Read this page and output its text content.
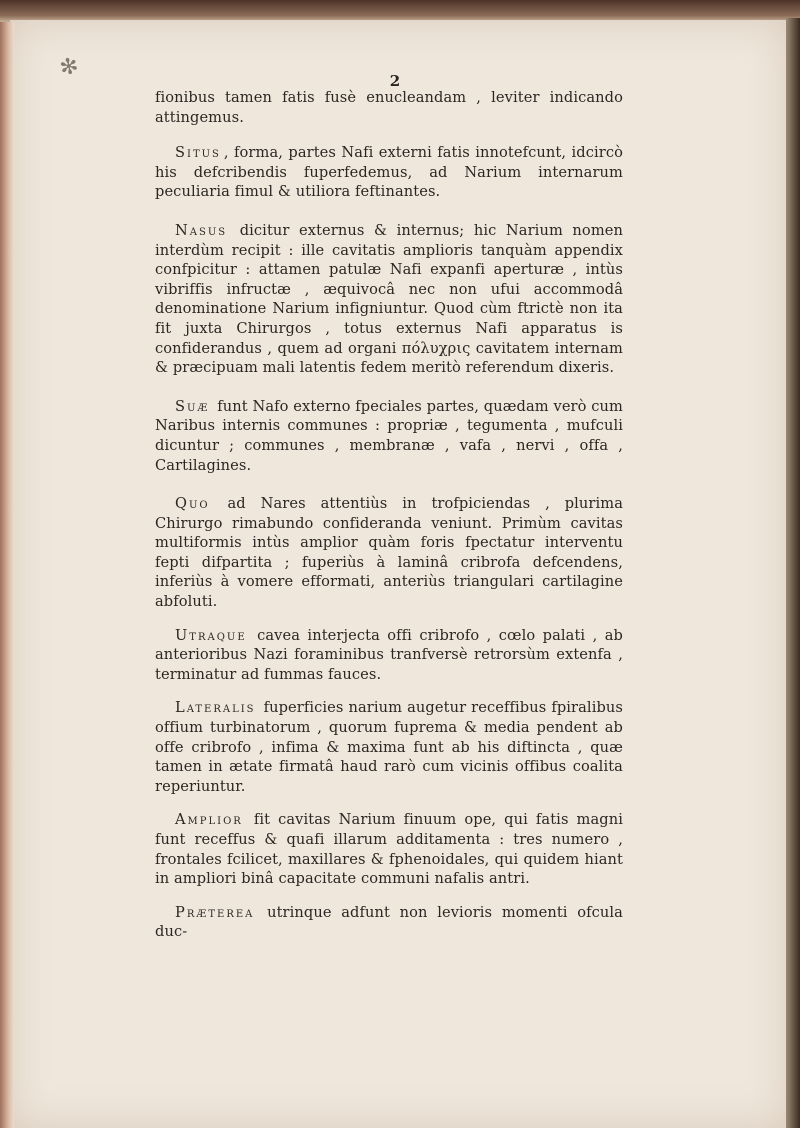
✻	2

fionibus tamen fatis fusè enucleandam , leviter indicando attingemus.

Situs , forma, partes Nafi externi fatis innotefcunt, idcircò his defcribendis fuperfedemus, ad Narium internarum peculiaria fimul & utiliora feftinantes.

Nasus dicitur externus & internus; hic Narium nomen interdùm recipit : ille cavitatis amplioris tanquàm appendix confpicitur : attamen patulæ Nafi expanfi aperturæ , intùs vibriffis infructæ , æquivocâ nec non ufui accommodâ denominatione Narium infigniuntur. Quod cùm ftrictè non ita fit juxta Chirurgos , totus externus Nafi apparatus is confiderandus , quem ad organi πόλυχρις cavitatem internam & præcipuam mali latentis fedem meritò referendum dixeris.

Suæ funt Nafo externo fpeciales partes, quædam verò cum Naribus internis communes : propriæ , tegumenta , mufculi dicuntur ; communes , membranæ , vafa , nervi , offa , Cartilagines.

Quo ad Nares attentiùs in trofpiciendas , plurima Chirurgo rimabundo confideranda veniunt. Primùm cavitas multiformis intùs amplior quàm foris fpectatur interventu fepti difpartita ; fuperiùs à laminâ cribrofa defcendens, inferiùs à vomere efformati, anteriùs triangulari cartilagine abfoluti.

Utraque cavea interjecta offi cribrofo , cœlo palati , ab anterioribus Nazi foraminibus tranfversè retrorsùm extenfa , terminatur ad fummas fauces.

Lateralis fuperficies narium augetur receffibus fpiralibus offium turbinatorum , quorum fuprema & media pendent ab offe cribrofo , infima & maxima funt ab his diftincta , quæ tamen in ætate firmatâ haud rarò cum vicinis offibus coalita reperiuntur.

Amplior fit cavitas Narium finuum ope, qui fatis magni funt receffus & quafi illarum additamenta : tres numero , frontales fcilicet, maxillares & fphenoidales, qui quidem hiant in ampliori binâ capacitate communi nafalis antri.

Præterea utrinque adfunt non levioris momenti ofcula duc-
